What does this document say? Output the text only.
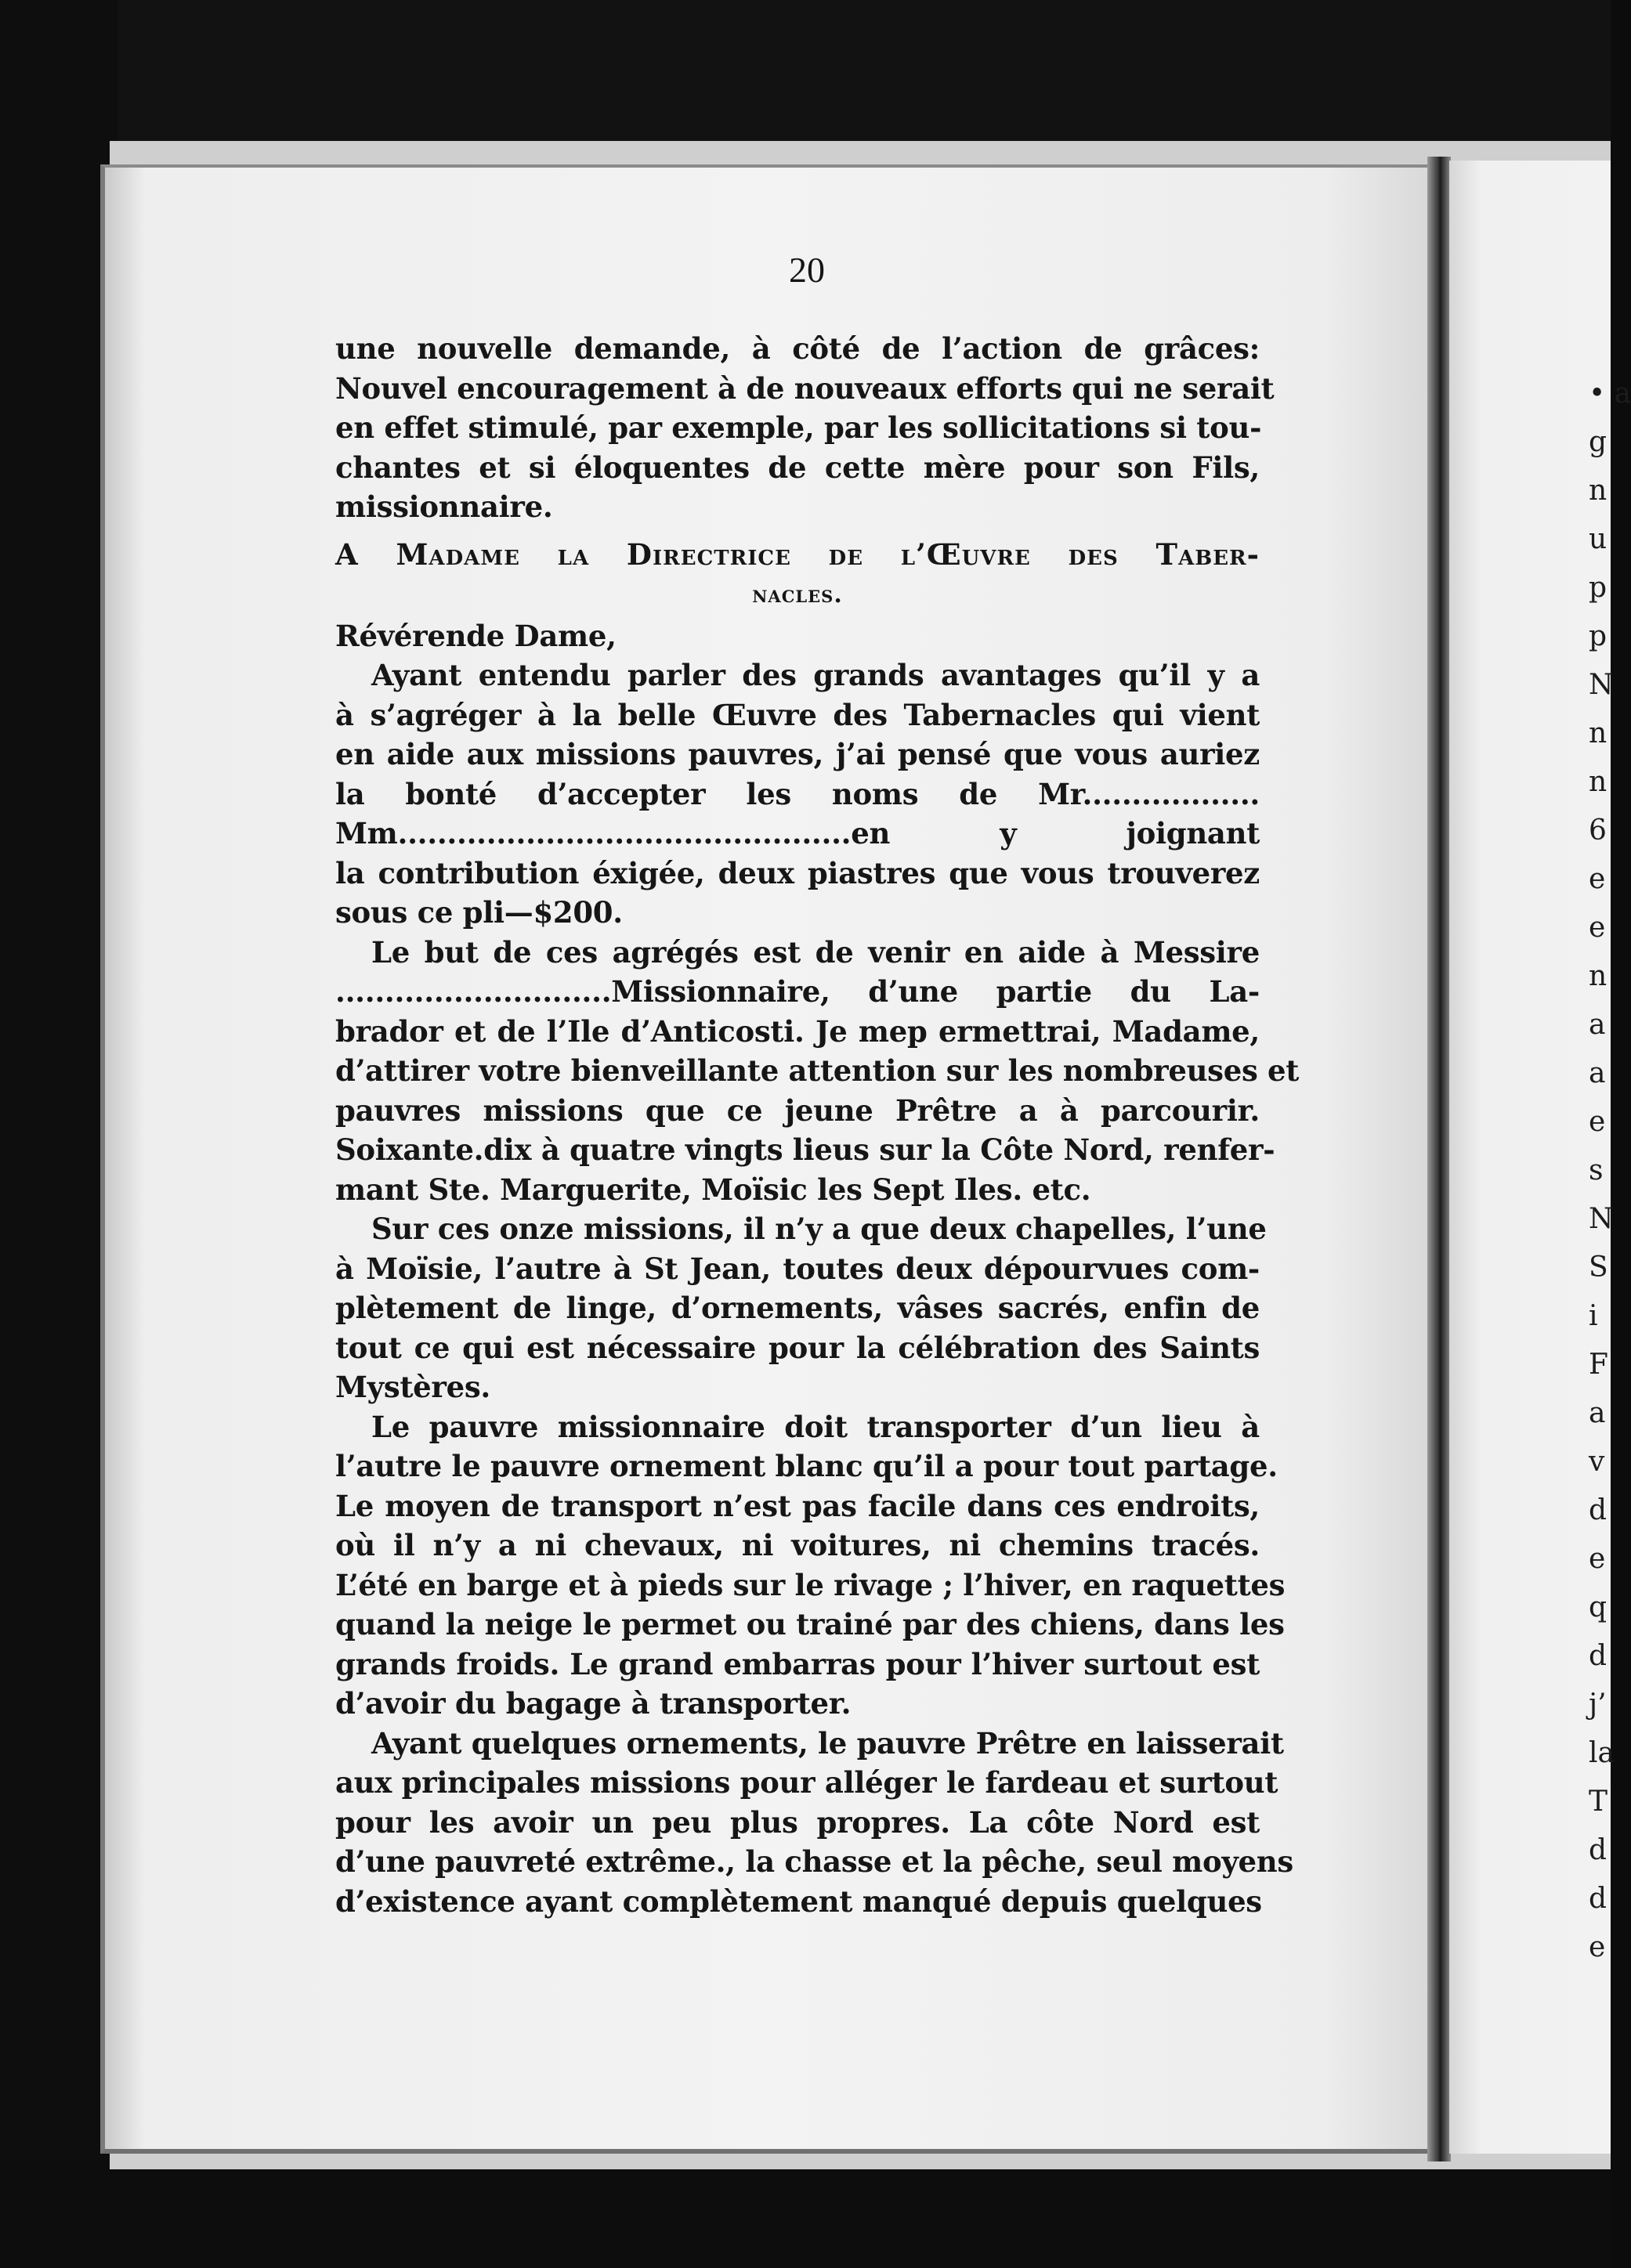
• a
g
n
u
p
p
N
n
n
6
e
e
n
a
a
e
s
N
S
i
F
a
v
d
e
q
d
j’
la
T
d
d
e
20
une nouvelle demande, à côté de l’action de grâces:
Nouvel encouragement à de nouveaux efforts qui ne serait
en effet stimulé, par exemple, par les sollicitations si tou-
chantes et si éloquentes de cette mère pour son Fils,
missionnaire.
A Madame la Directrice de l’Œuvre des Taber-
nacles.
Révérende Dame,
Ayant entendu parler des grands avantages qu’il y a
à s’agréger à la belle Œuvre des Tabernacles qui vient
en aide aux missions pauvres, j’ai pensé que vous auriez
la bonté d’accepter les noms de Mr..................
Mm..............................................en y joignant
la contribution éxigée, deux piastres que vous trouverez
sous ce pli—$200.
Le but de ces agrégés est de venir en aide à Messire
............................Missionnaire, d’une partie du La-
brador et de l’Ile d’Anticosti. Je mep ermettrai, Madame,
d’attirer votre bienveillante attention sur les nombreuses et
pauvres missions que ce jeune Prêtre a à parcourir.
Soixante.dix à quatre vingts lieus sur la Côte Nord, renfer-
mant Ste. Marguerite, Moïsic les Sept Iles. etc.
Sur ces onze missions, il n’y a que deux chapelles, l’une
à Moïsie, l’autre à St Jean, toutes deux dépourvues com-
plètement de linge, d’ornements, vâses sacrés, enfin de
tout ce qui est nécessaire pour la célébration des Saints
Mystères.
Le pauvre missionnaire doit transporter d’un lieu à
l’autre le pauvre ornement blanc qu’il a pour tout partage.
Le moyen de transport n’est pas facile dans ces endroits,
où il n’y a ni chevaux, ni voitures, ni chemins tracés.
L’été en barge et à pieds sur le rivage ; l’hiver, en raquettes
quand la neige le permet ou trainé par des chiens, dans les
grands froids. Le grand embarras pour l’hiver surtout est
d’avoir du bagage à transporter.
Ayant quelques ornements, le pauvre Prêtre en laisserait
aux principales missions pour alléger le fardeau et surtout
pour les avoir un peu plus propres. La côte Nord est
d’une pauvreté extrême., la chasse et la pêche, seul moyens
d’existence ayant complètement manqué depuis quelques
